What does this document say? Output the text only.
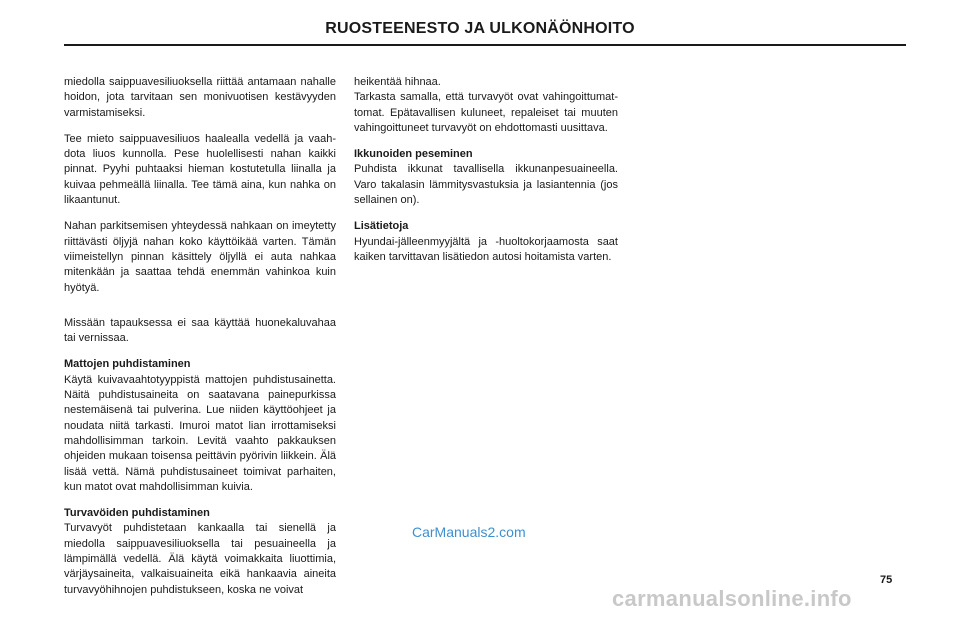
RUOSTEENESTO JA ULKONÄÖNHOITO

miedolla saippuavesiliuoksella riittää antamaan nahalle hoidon, jota tarvitaan sen monivuotisen kestävyyden varmistamiseksi.

Tee mieto saippuavesiliuos haalealla vedellä ja vaahdota liuos kunnolla. Pese huolellisesti nahan kaikki pinnat. Pyyhi puhtaaksi hieman kostutetulla liinalla ja kuivaa pehmeällä liinalla. Tee tämä aina, kun nahka on likaantunut.

Nahan parkitsemisen yhteydessä nahkaan on imeytetty riittävästi öljyjä nahan koko käyttöikää varten. Tämän viimeistellyn pinnan käsittely öljyllä ei auta nahkaa mitenkään ja saattaa tehdä enemmän vahinkoa kuin hyötyä.

Missään tapauksessa ei saa käyttää huonekaluvahaa tai vernissaa.

Mattojen puhdistaminen
Käytä kuivavaahtotyyppistä mattojen puhdistusainetta. Näitä puhdistusaineita on saatavana painepurkissa nestemäisenä tai pulverina. Lue niiden käyttöohjeet ja noudata niitä tarkasti. Imuroi matot lian irrottamiseksi mahdollisimman tarkoin. Levitä vaahto pakkauksen ohjeiden mukaan toisensa peittävin pyörivin liikkein. Älä lisää vettä. Nämä puhdistusaineet toimivat parhaiten, kun matot ovat mahdollisimman kuivia.

Turvavöiden puhdistaminen
Turvavyöt puhdistetaan kankaalla tai sienellä ja miedolla saippuavesiliuoksella tai pesuaineella ja lämpimällä vedellä. Älä käytä voimakkaita liuottimia, värjäysaineita, valkaisuaineita eikä hankaavia aineita turvavyöhihnojen puhdistukseen, koska ne voivat

heikentää hihnaa.

Tarkasta samalla, että turvavyöt ovat vahingoittumattomat. Epätavallisen kuluneet, repaleiset tai muuten vahingoittuneet turvavyöt on ehdottomasti uusittava.

Ikkunoiden peseminen
Puhdista ikkunat tavallisella ikkunanpesuaineella. Varo takalasin lämmitysvastuksia ja lasiantennia (jos sellainen on).

Lisätietoja
Hyundai-jälleenmyyjältä ja -huoltokorjaamosta saat kaiken tarvittavan lisätiedon autosi hoitamista varten.

CarManuals2.com
75
carmanualsonline.info
